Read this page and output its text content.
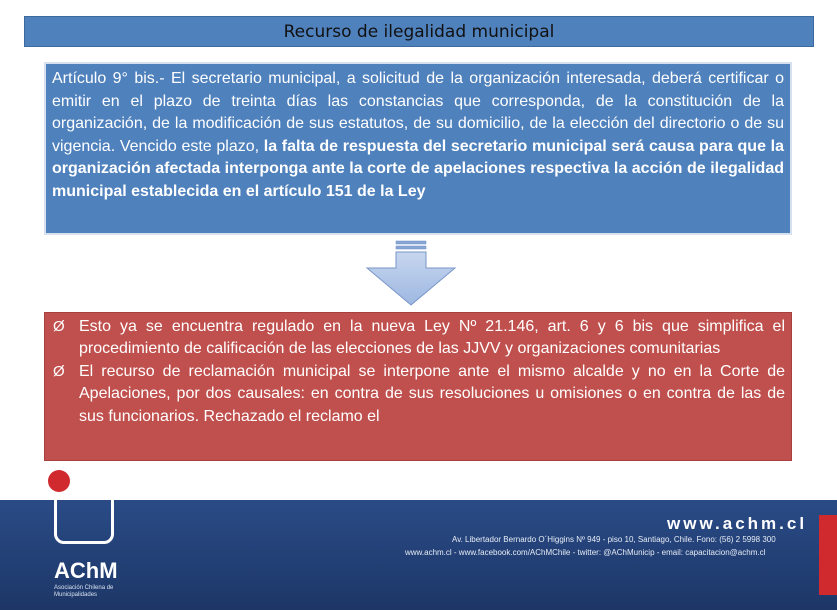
Recurso de ilegalidad municipal

Artículo 9° bis.- El secretario municipal, a solicitud de la organización interesada, deberá certificar o emitir en el plazo de treinta días las constancias que corresponda, de la constitución de la organización, de la modificación de sus estatutos, de su domicilio, de la elección del directorio o de su vigencia. Vencido este plazo, la falta de respuesta del secretario municipal será causa para que la organización afectada interponga ante la corte de apelaciones respectiva la acción de ilegalidad municipal establecida en el artículo 151 de la Ley

AChM
Asociación Chilena de Municipalidades
www.achm.cl
Av. Libertador Bernardo O´Higgins Nº 949 - piso 10, Santiago, Chile. Fono: (56) 2 5998 300
www.achm.cl - www.facebook.com/AChMChile - twitter: @AChMunicip - email: capacitacion@achm.cl
Ø Esto ya se encuentra regulado en la nueva Ley Nº 21.146, art. 6 y 6 bis que simplifica el procedimiento de calificación de las elecciones de las JJVV y organizaciones comunitarias
Ø El recurso de reclamación municipal se interpone ante el mismo alcalde y no en la Corte de Apelaciones, por dos causales: en contra de sus resoluciones u omisiones o en contra de las de sus funcionarios. Rechazado el reclamo el
apel p
